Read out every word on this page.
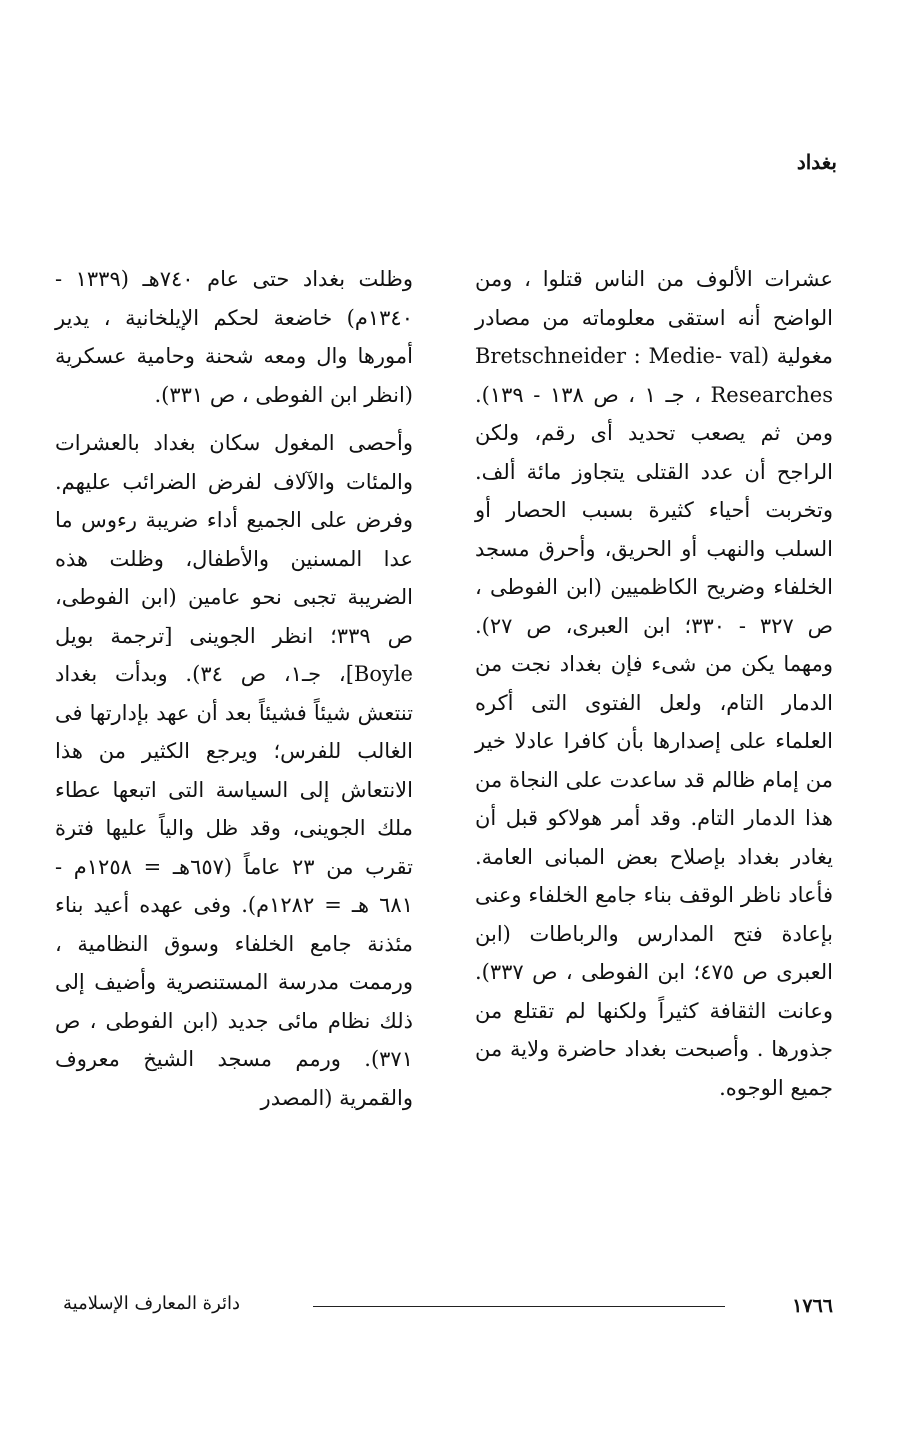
بغداد

عشرات الألوف من الناس قتلوا ، ومن الواضح أنه استقى معلوماته من مصادر مغولية (Bretschneider : Medie- val Researches ، جـ ١ ، ص ١٣٨ - ١٣٩). ومن ثم يصعب تحديد أى رقم، ولكن الراجح أن عدد القتلى يتجاوز مائة ألف. وتخربت أحياء كثيرة بسبب الحصار أو السلب والنهب أو الحريق، وأحرق مسجد الخلفاء وضريح الكاظميين (ابن الفوطى ، ص ٣٢٧ - ٣٣٠؛ ابن العبرى، ص ٢٧). ومهما يكن من شىء فإن بغداد نجت من الدمار التام، ولعل الفتوى التى أكره العلماء على إصدارها بأن كافرا عادلا خير من إمام ظالم قد ساعدت على النجاة من هذا الدمار التام. وقد أمر هولاكو قبل أن يغادر بغداد بإصلاح بعض المبانى العامة. فأعاد ناظر الوقف بناء جامع الخلفاء وعنى بإعادة فتح المدارس والرباطات (ابن العبرى ص ٤٧٥؛ ابن الفوطى ، ص ٣٣٧). وعانت الثقافة كثيراً ولكنها لم تقتلع من جذورها . وأصبحت بغداد حاضرة ولاية من جميع الوجوه.

وظلت بغداد حتى عام ٧٤٠هـ (١٣٣٩ - ١٣٤٠م) خاضعة لحكم الإيلخانية ، يدير أمورها وال ومعه شحنة وحامية عسكرية (انظر ابن الفوطى ، ص ٣٣١).

وأحصى المغول سكان بغداد بالعشرات والمئات والآلاف لفرض الضرائب عليهم. وفرض على الجميع أداء ضريبة رءوس ما عدا المسنين والأطفال، وظلت هذه الضريبة تجبى نحو عامين (ابن الفوطى، ص ٣٣٩؛ انظر الجوينى [ترجمة بويل Boyle]، جـ١، ص ٣٤). وبدأت بغداد تنتعش شيئاً فشيئاً بعد أن عهد بإدارتها فى الغالب للفرس؛ ويرجع الكثير من هذا الانتعاش إلى السياسة التى اتبعها عطاء ملك الجوينى، وقد ظل والياً عليها فترة تقرب من ٢٣ عاماً (٦٥٧هـ = ١٢٥٨م - ٦٨١ هـ = ١٢٨٢م). وفى عهده أعيد بناء مئذنة جامع الخلفاء وسوق النظامية ، ورممت مدرسة المستنصرية وأضيف إلى ذلك نظام مائى جديد (ابن الفوطى ، ص ٣٧١). ورمم مسجد الشيخ معروف والقمرية (المصدر

١٧٦٦
دائرة المعارف الإسلامية
